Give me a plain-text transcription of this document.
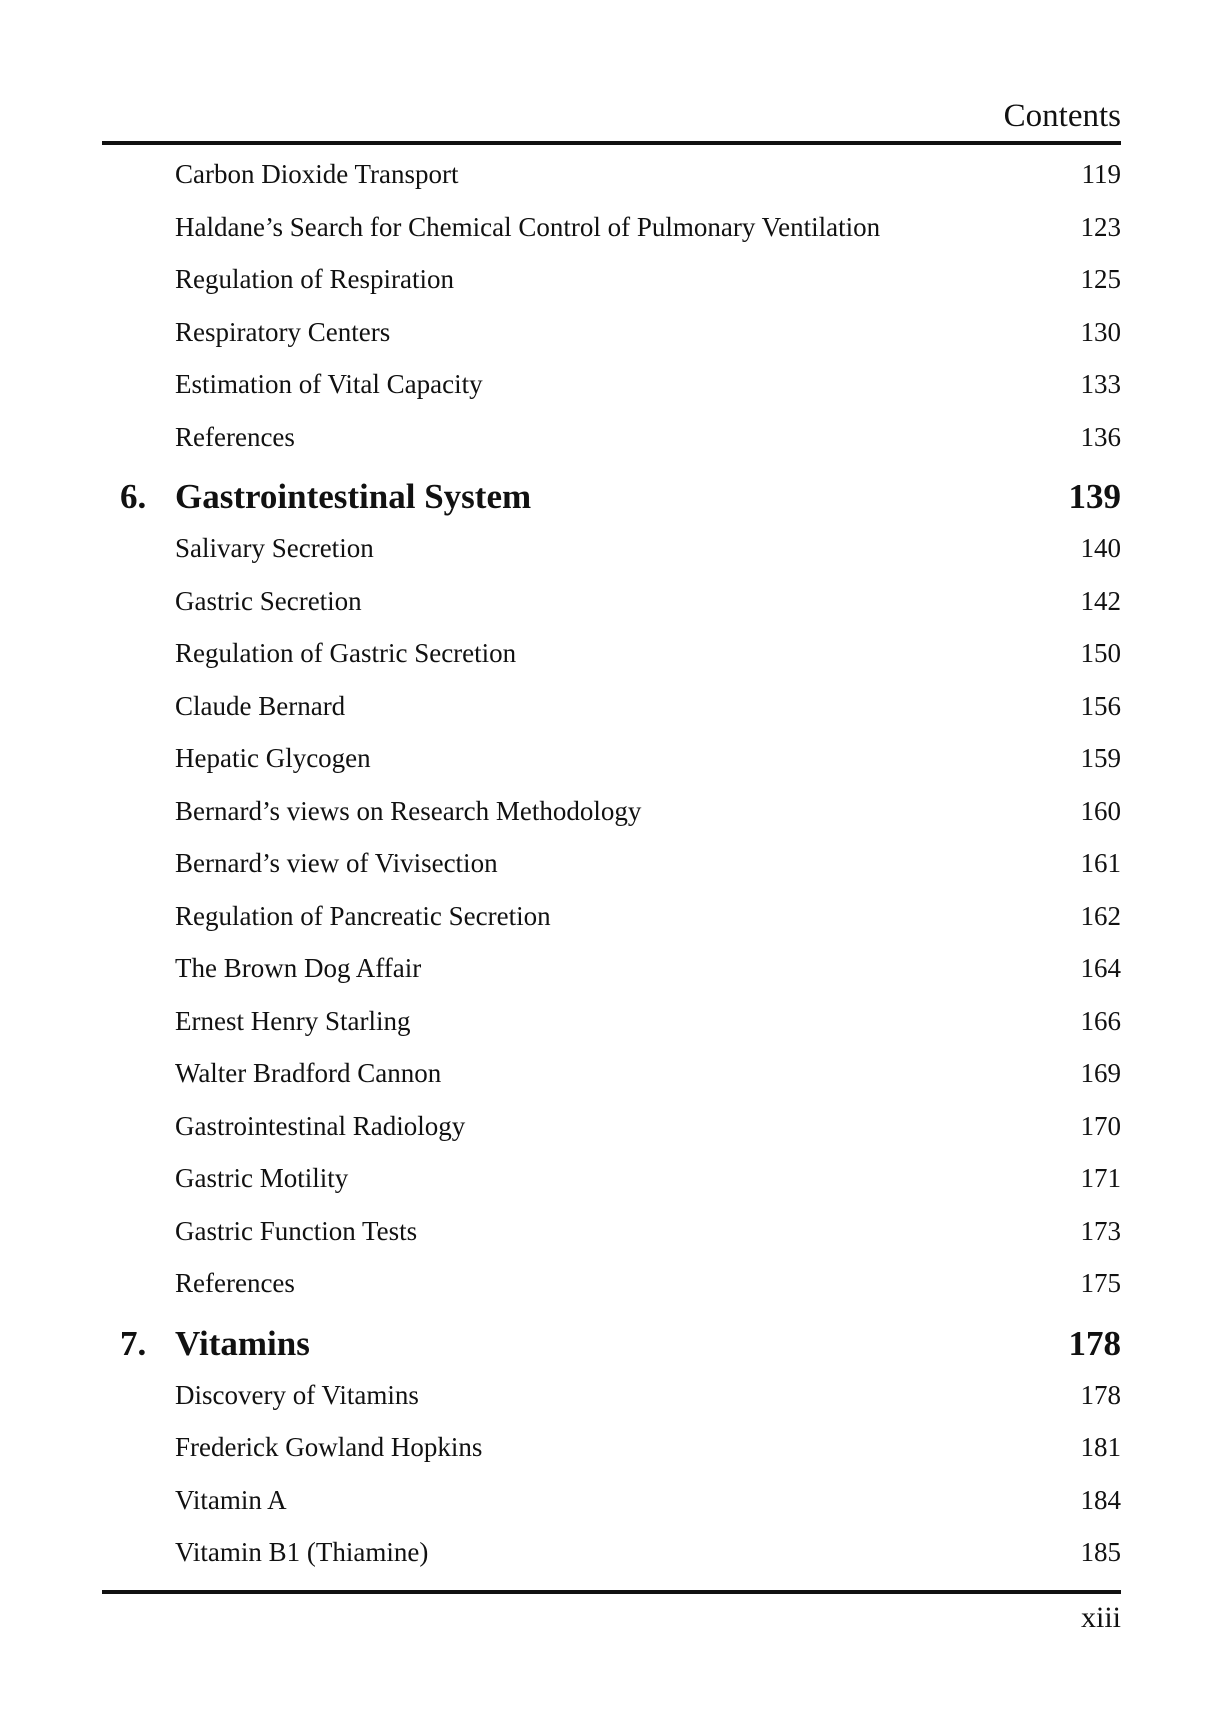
Contents
Carbon Dioxide Transport	119
Haldane’s Search for Chemical Control of Pulmonary Ventilation	123
Regulation of Respiration	125
Respiratory Centers	130
Estimation of Vital Capacity	133
References	136
6. Gastrointestinal System	139
Salivary Secretion	140
Gastric Secretion	142
Regulation of Gastric Secretion	150
Claude Bernard	156
Hepatic Glycogen	159
Bernard’s views on Research Methodology	160
Bernard’s view of Vivisection	161
Regulation of Pancreatic Secretion	162
The Brown Dog Affair	164
Ernest Henry Starling	166
Walter Bradford Cannon	169
Gastrointestinal Radiology	170
Gastric Motility	171
Gastric Function Tests	173
References	175
7. Vitamins	178
Discovery of Vitamins	178
Frederick Gowland Hopkins	181
Vitamin A	184
Vitamin B1 (Thiamine)	185
xiii
